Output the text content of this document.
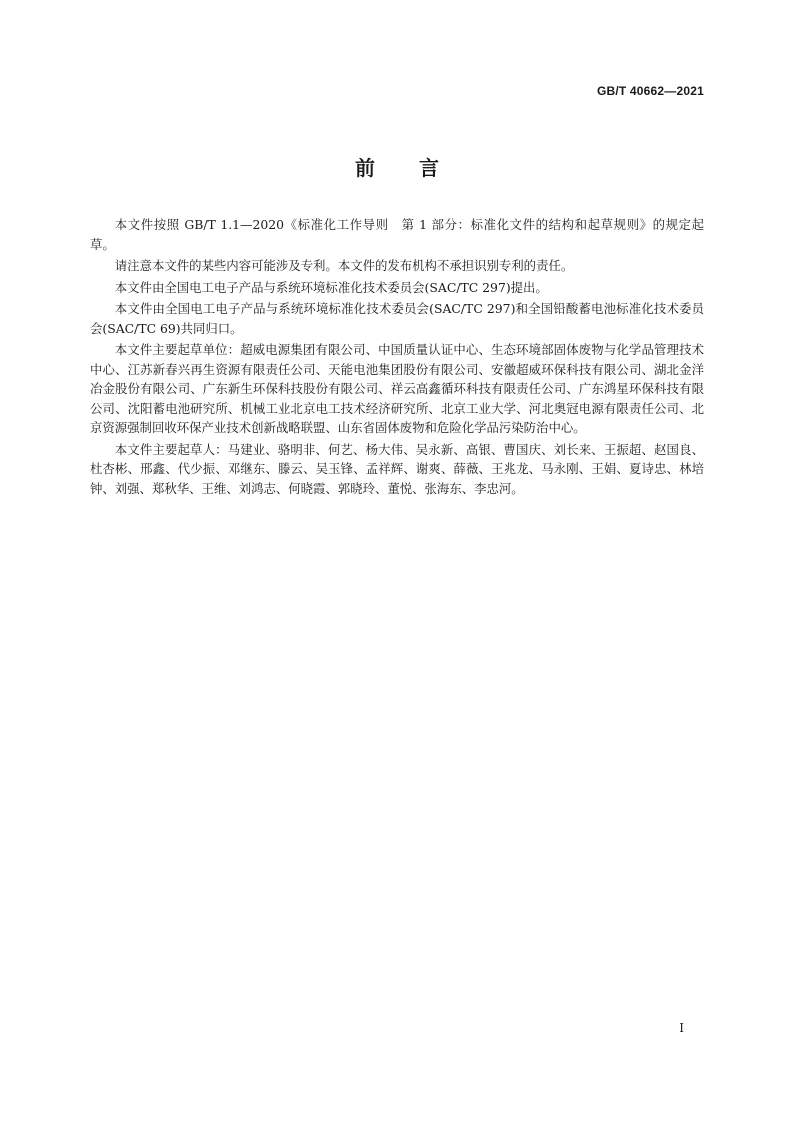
GB/T 40662—2021
前言

本文件按照 GB/T 1.1—2020《标准化工作导则　第 1 部分：标准化文件的结构和起草规则》的规定起草。

请注意本文件的某些内容可能涉及专利。本文件的发布机构不承担识别专利的责任。

本文件由全国电工电子产品与系统环境标准化技术委员会(SAC/TC 297)提出。

本文件由全国电工电子产品与系统环境标准化技术委员会(SAC/TC 297)和全国铅酸蓄电池标准化技术委员会(SAC/TC 69)共同归口。

本文件主要起草单位：超威电源集团有限公司、中国质量认证中心、生态环境部固体废物与化学品管理技术中心、江苏新春兴再生资源有限责任公司、天能电池集团股份有限公司、安徽超威环保科技有限公司、湖北金洋冶金股份有限公司、广东新生环保科技股份有限公司、祥云高鑫循环科技有限责任公司、广东鸿星环保科技有限公司、沈阳蓄电池研究所、机械工业北京电工技术经济研究所、北京工业大学、河北奥冠电源有限责任公司、北京资源强制回收环保产业技术创新战略联盟、山东省固体废物和危险化学品污染防治中心。

本文件主要起草人：马建业、骆明非、何艺、杨大伟、吴永新、高银、曹国庆、刘长来、王振超、赵国良、杜杏彬、邢鑫、代少振、邓继东、滕云、吴玉锋、孟祥辉、谢爽、薛薇、王兆龙、马永刚、王娟、夏诗忠、林培钟、刘强、郑秋华、王维、刘鸿志、何晓霞、郭晓玲、董悦、张海东、李忠河。

I
